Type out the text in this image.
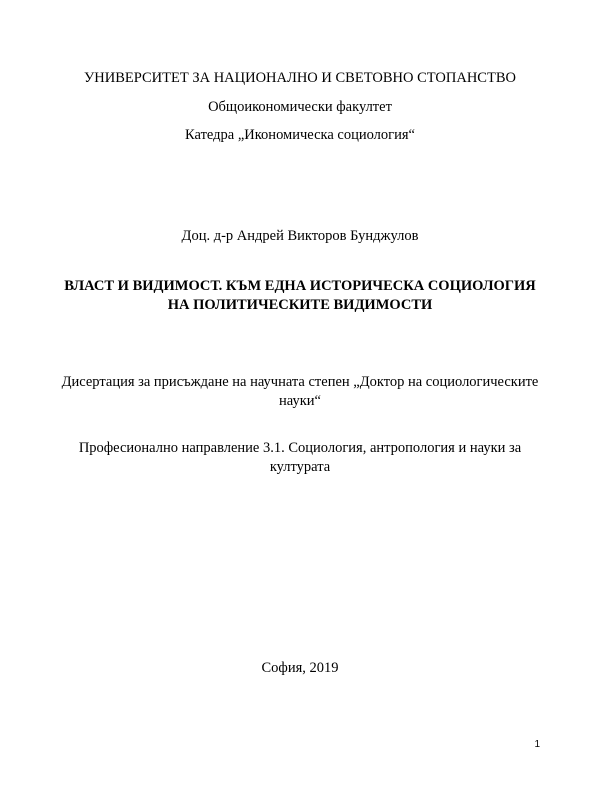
УНИВЕРСИТЕТ ЗА НАЦИОНАЛНО И СВЕТОВНО СТОПАНСТВО
Общоикономически факултет
Катедра „Икономическа социология“
Доц. д-р Андрей Викторов Бунджулов
ВЛАСТ И ВИДИМОСТ. КЪМ ЕДНА ИСТОРИЧЕСКА СОЦИОЛОГИЯ
НА ПОЛИТИЧЕСКИТЕ ВИДИМОСТИ
Дисертация за присъждане на научната степен „Доктор на социологическите
науки“
Професионално направление 3.1. Социология, антропология и науки за
културата
София, 2019
1
